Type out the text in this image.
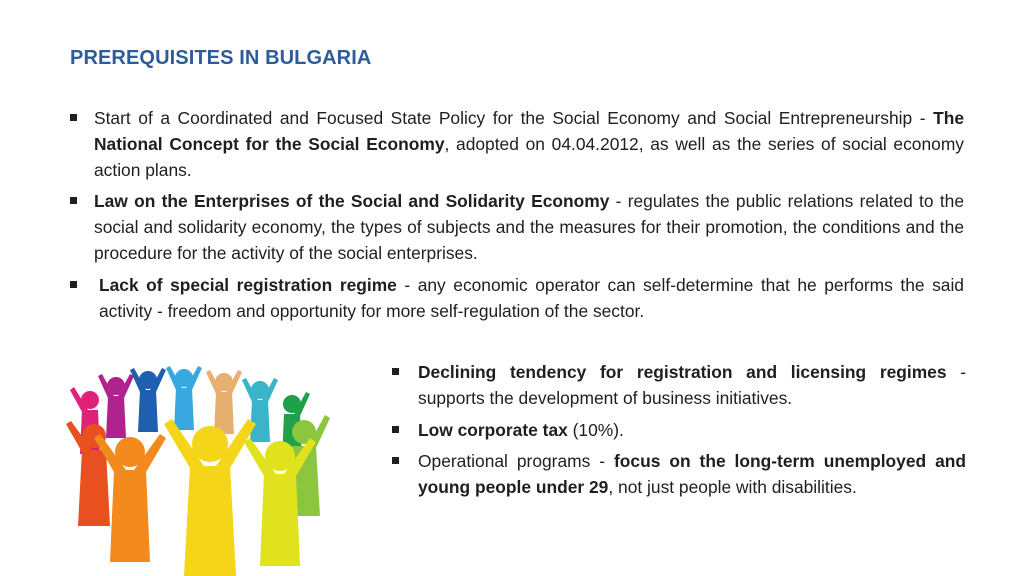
PREREQUISITES IN BULGARIA
Start of a Coordinated and Focused State Policy for the Social Economy and Social Entrepreneurship - The National Concept for the Social Economy, adopted on 04.04.2012, as well as the series of social economy action plans.
Law on the Enterprises of the Social and Solidarity Economy - regulates the public relations related to the social and solidarity economy, the types of subjects and the measures for their promotion, the conditions and the procedure for the activity of the social enterprises.
Lack of special registration regime - any economic operator can self-determine that he performs the said activity - freedom and opportunity for more self-regulation of the sector.
Declining tendency for registration and licensing regimes - supports the development of business initiatives.
Low corporate tax (10%).
Operational programs - focus on the long-term unemployed and young people under 29, not just people with disabilities.
